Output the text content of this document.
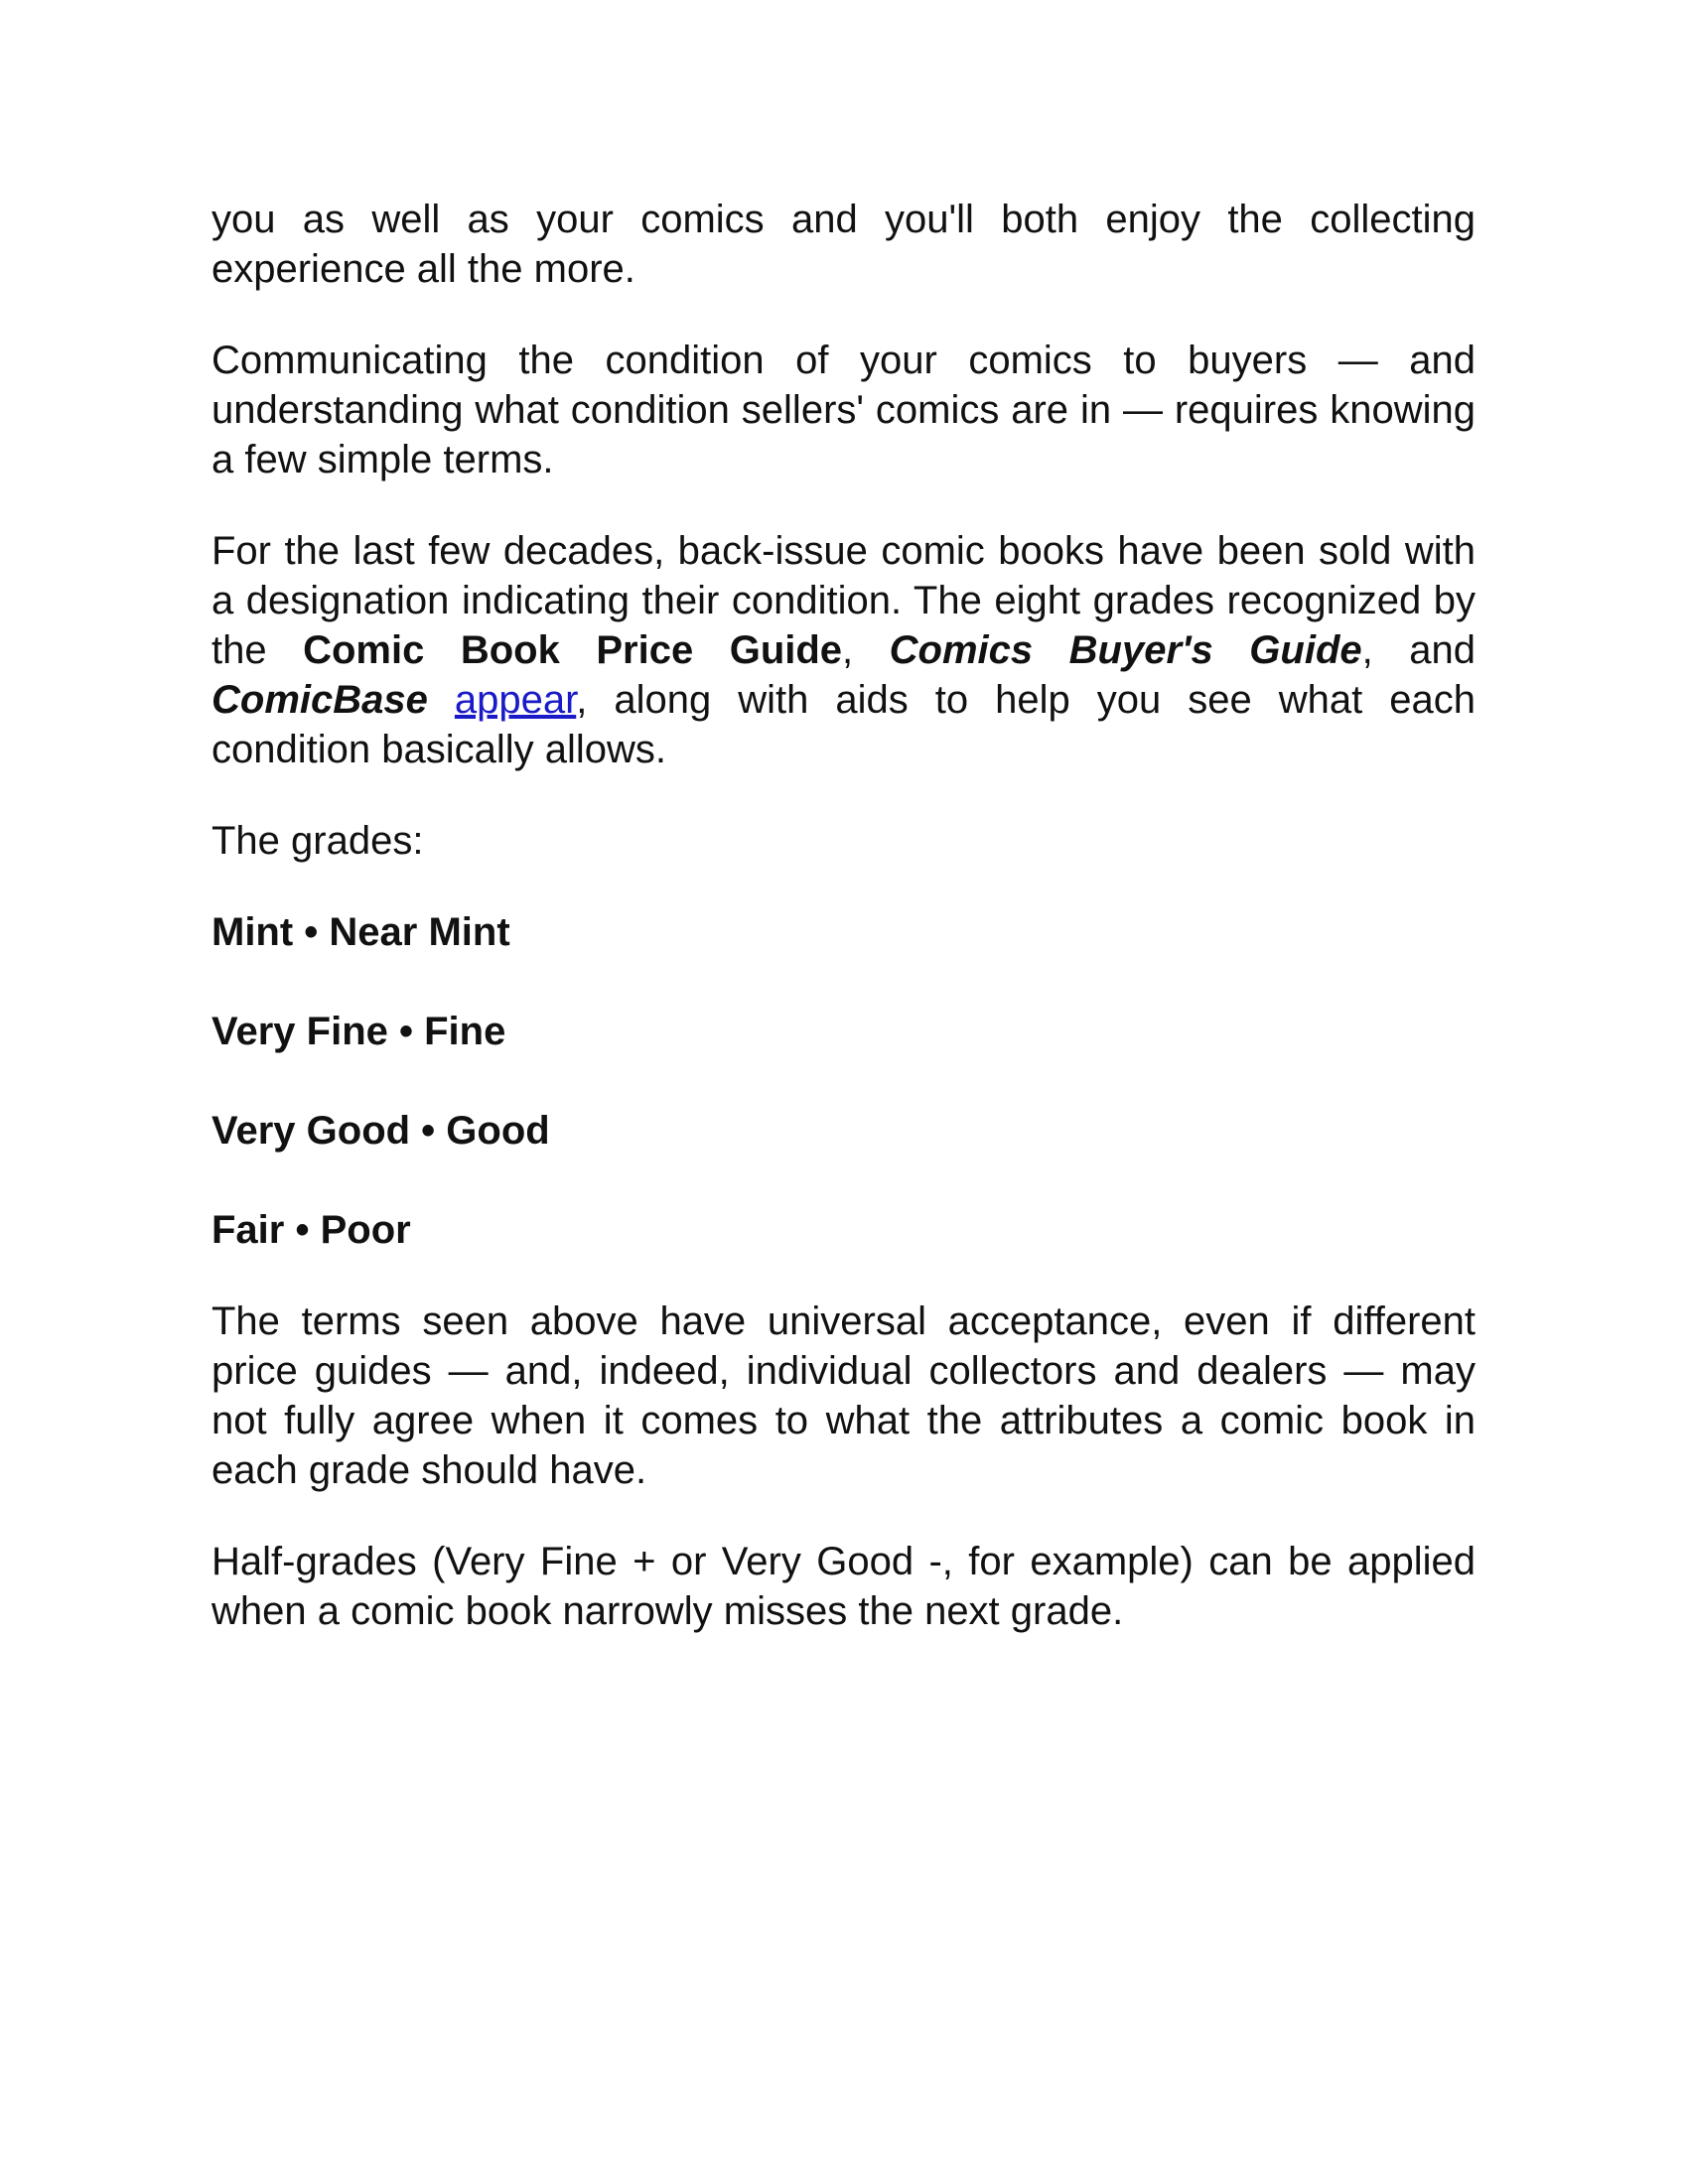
you as well as your comics and you'll both enjoy the collecting experience all the more.

Communicating the condition of your comics to buyers — and understanding what condition sellers' comics are in — requires knowing a few simple terms.

For the last few decades, back-issue comic books have been sold with a designation indicating their condition. The eight grades recognized by the Comic Book Price Guide, Comics Buyer's Guide, and ComicBase appear, along with aids to help you see what each condition basically allows.

The grades:

Mint • Near Mint

Very Fine • Fine

Very Good • Good

Fair • Poor

The terms seen above have universal acceptance, even if different price guides — and, indeed, individual collectors and dealers — may not fully agree when it comes to what the attributes a comic book in each grade should have.

Half-grades (Very Fine + or Very Good -, for example) can be applied when a comic book narrowly misses the next grade.
